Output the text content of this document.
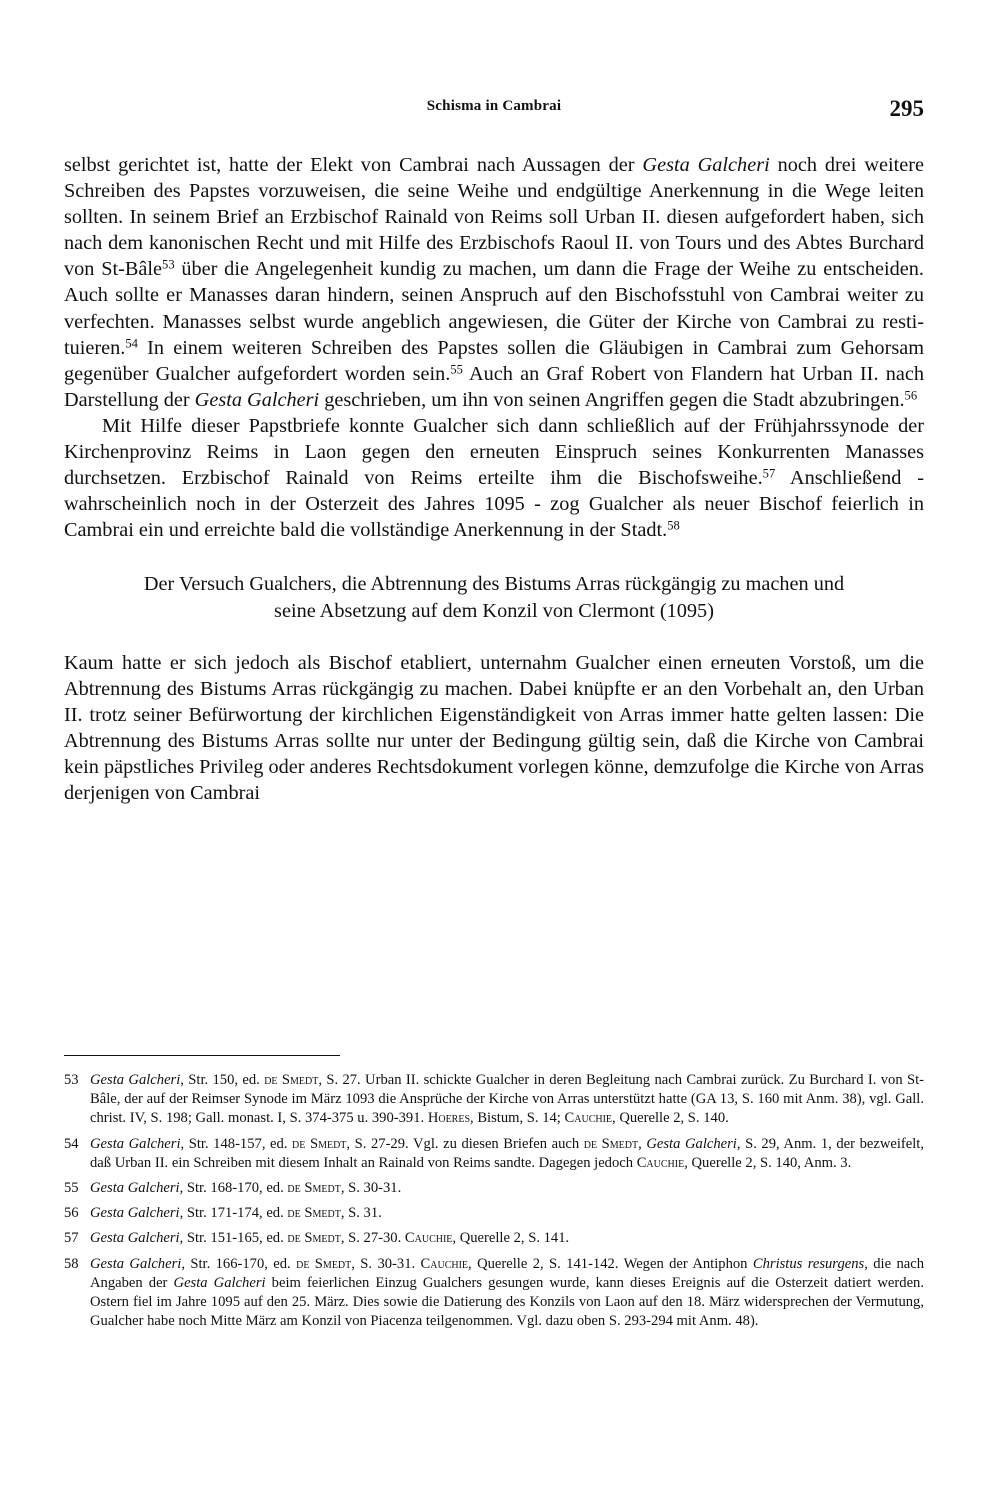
Schisma in Cambrai	295

selbst gerichtet ist, hatte der Elekt von Cambrai nach Aussagen der Gesta Galcheri noch drei weitere Schreiben des Papstes vorzuweisen, die seine Weihe und endgültige Anerkennung in die Wege leiten sollten. In seinem Brief an Erzbischof Rainald von Reims soll Urban II. diesen aufgefordert haben, sich nach dem kanonischen Recht und mit Hilfe des Erzbischofs Raoul II. von Tours und des Abtes Burchard von St-Bâle$^{53}$ über die Angelegenheit kundig zu machen, um dann die Frage der Weihe zu entscheiden. Auch sollte er Manasses daran hindern, seinen Anspruch auf den Bischofsstuhl von Cambrai weiter zu verfechten. Manasses selbst wurde angeblich angewiesen, die Güter der Kirche von Cambrai zu restituieren.$^{54}$ In einem weiteren Schreiben des Papstes sollen die Gläubigen in Cambrai zum Gehorsam gegenüber Gualcher aufgefordert worden sein.$^{55}$ Auch an Graf Robert von Flandern hat Urban II. nach Darstellung der Gesta Galcheri geschrieben, um ihn von seinen Angriffen gegen die Stadt abzubringen.$^{56}$

Mit Hilfe dieser Papstbriefe konnte Gualcher sich dann schließlich auf der Frühjahrssynode der Kirchenprovinz Reims in Laon gegen den erneuten Einspruch seines Konkurrenten Manasses durchsetzen. Erzbischof Rainald von Reims erteilte ihm die Bischofsweihe.$^{57}$ Anschließend - wahrscheinlich noch in der Osterzeit des Jahres 1095 - zog Gualcher als neuer Bischof feierlich in Cambrai ein und erreichte bald die vollständige Anerkennung in der Stadt.$^{58}$

Der Versuch Gualchers, die Abtrennung des Bistums Arras rückgängig zu machen und
seine Absetzung auf dem Konzil von Clermont (1095)

Kaum hatte er sich jedoch als Bischof etabliert, unternahm Gualcher einen erneuten Vorstoß, um die Abtrennung des Bistums Arras rückgängig zu machen. Dabei knüpfte er an den Vorbehalt an, den Urban II. trotz seiner Befürwortung der kirchlichen Eigenständigkeit von Arras immer hatte gelten lassen: Die Abtrennung des Bistums Arras sollte nur unter der Bedingung gültig sein, daß die Kirche von Cambrai kein päpstliches Privileg oder anderes Rechtsdokument vorlegen könne, demzufolge die Kirche von Arras derjenigen von Cambrai

53 Gesta Galcheri, Str. 150, ed. de Smedt, S. 27. Urban II. schickte Gualcher in deren Begleitung nach Cambrai zurück. Zu Burchard I. von St-Bâle, der auf der Reimser Synode im März 1093 die Ansprüche der Kirche von Arras unterstützt hatte (GA 13, S. 160 mit Anm. 38), vgl. Gall. christ. IV, S. 198; Gall. monast. I, S. 374-375 u. 390-391. Hoeres, Bistum, S. 14; Cauchie, Querelle 2, S. 140.
54 Gesta Galcheri, Str. 148-157, ed. de Smedt, S. 27-29. Vgl. zu diesen Briefen auch de Smedt, Gesta Galcheri, S. 29, Anm. 1, der bezweifelt, daß Urban II. ein Schreiben mit diesem Inhalt an Rainald von Reims sandte. Dagegen jedoch Cauchie, Querelle 2, S. 140, Anm. 3.
55 Gesta Galcheri, Str. 168-170, ed. de Smedt, S. 30-31.
56 Gesta Galcheri, Str. 171-174, ed. de Smedt, S. 31.
57 Gesta Galcheri, Str. 151-165, ed. de Smedt, S. 27-30. Cauchie, Querelle 2, S. 141.
58 Gesta Galcheri, Str. 166-170, ed. de Smedt, S. 30-31. Cauchie, Querelle 2, S. 141-142. Wegen der Antiphon Christus resurgens, die nach Angaben der Gesta Galcheri beim feierlichen Einzug Gualchers gesungen wurde, kann dieses Ereignis auf die Osterzeit datiert werden. Ostern fiel im Jahre 1095 auf den 25. März. Dies sowie die Datierung des Konzils von Laon auf den 18. März widersprechen der Vermutung, Gualcher habe noch Mitte März am Konzil von Piacenza teilgenommen. Vgl. dazu oben S. 293-294 mit Anm. 48).
